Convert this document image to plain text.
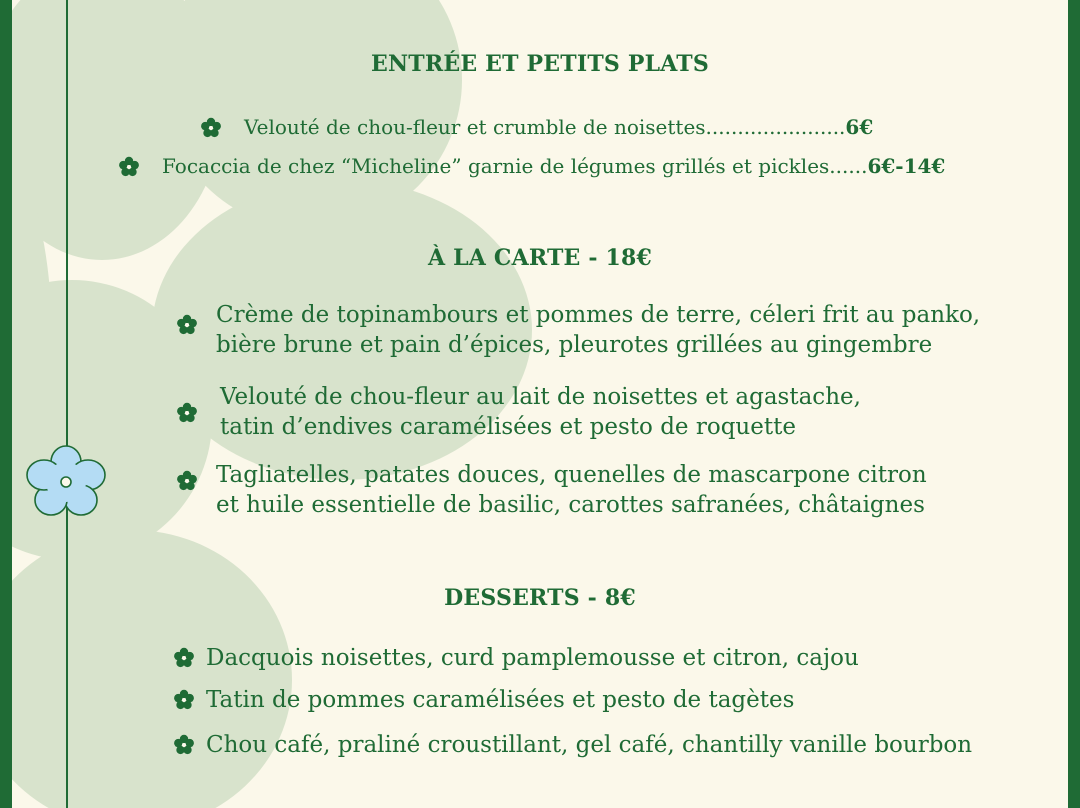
ENTRÉE ET PETITS PLATS
Velouté de chou-fleur et crumble de noisettes......................6€
Focaccia de chez “Micheline” garnie de légumes grillés et pickles......6€-14€
À LA CARTE - 18€
Crème de topinambours et pommes de terre, céleri frit au panko,
bière brune et pain d’épices, pleurotes grillées au gingembre
Velouté de chou-fleur au lait de noisettes et agastache,
tatin d’endives caramélisées et pesto de roquette
Tagliatelles, patates douces, quenelles de mascarpone citron
et huile essentielle de basilic, carottes safranées, châtaignes
DESSERTS - 8€
Dacquois noisettes, curd pamplemousse et citron, cajou
Tatin de pommes caramélisées et pesto de tagètes
Chou café, praliné croustillant, gel café, chantilly vanille bourbon
